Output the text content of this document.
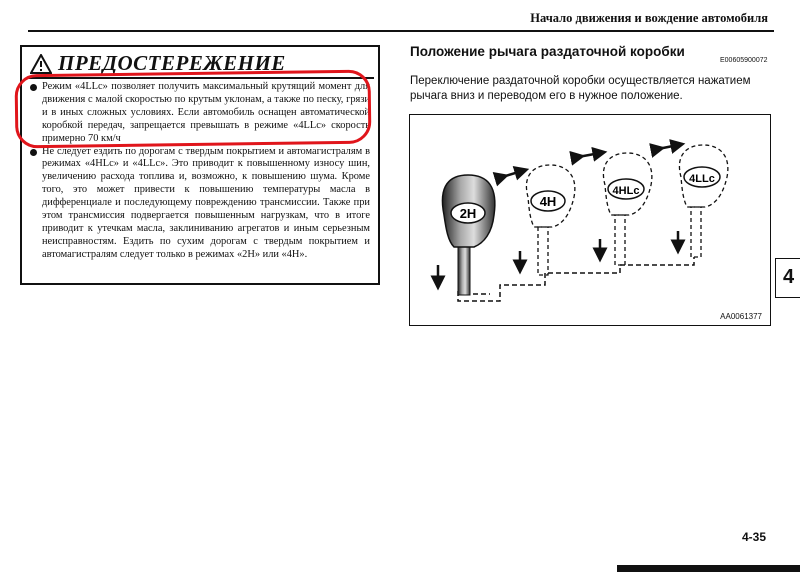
Начало движения и вождение автомобиля
ПРЕДОСТЕРЕЖЕНИЕ
Режим «4LLc» позволяет получить максимальный крутящий момент для движения с малой скоростью по крутым уклонам, а также по песку, грязи и в иных сложных условиях. Если автомобиль оснащен автоматической коробкой передач, запрещается превышать в режиме «4LLc» скорость примерно 70 км/ч
Не следует ездить по дорогам с твердым покрытием и автомагистралям в режимах «4HLc» и «4LLc». Это приводит к повышенному износу шин, увеличению расхода топлива и, возможно, к повышению шума. Кроме того, это может привести к повышению температуры масла в дифференциале и последующему повреждению трансмиссии. Также при этом трансмиссия подвергается повышенным нагрузкам, что в итоге приводит к утечкам масла, заклиниванию агрегатов и иным серьезным неисправностям. Ездить по сухим дорогам с твердым покрытием и автомагистралям следует только в режимах «2H» или «4H».
Положение рычага раздаточной коробки
E00605900072
Переключение раздаточной коробки осуществляется нажатием рычага вниз и переводом его в нужное положение.
2H
4H
4HLc
4LLc
AA0061377
4
4-35
